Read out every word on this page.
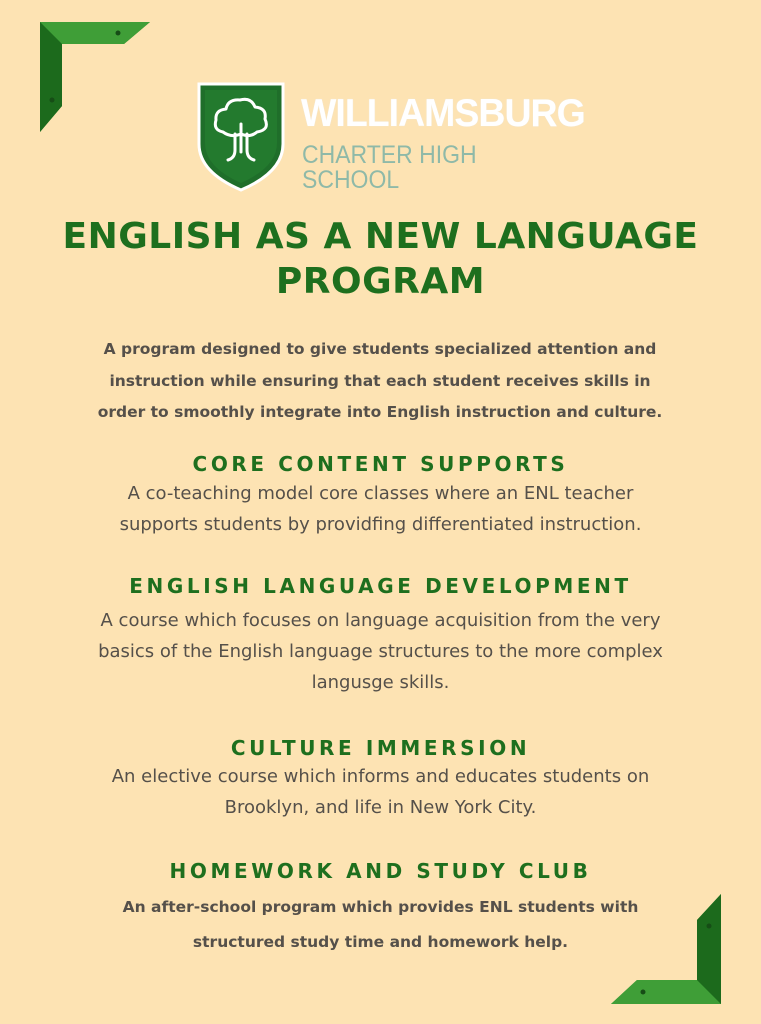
WILLIAMSBURG
CHARTER HIGH SCHOOL
ENGLISH AS A NEW LANGUAGE
PROGRAM
A program designed to give students specialized attention and
instruction while ensuring that each student receives skills in
order to smoothly integrate into English instruction and culture.
CORE CONTENT SUPPORTS
A co-teaching model core classes where an ENL teacher
supports students by providfing differentiated instruction.
ENGLISH LANGUAGE DEVELOPMENT
A course which focuses on language acquisition from the very
basics of the English language structures to the more complex
langusge skills.
CULTURE IMMERSION
An elective course which informs and educates students on
Brooklyn, and life in New York City.
HOMEWORK AND STUDY CLUB
An after-school program which provides ENL students with
structured study time and homework help.
